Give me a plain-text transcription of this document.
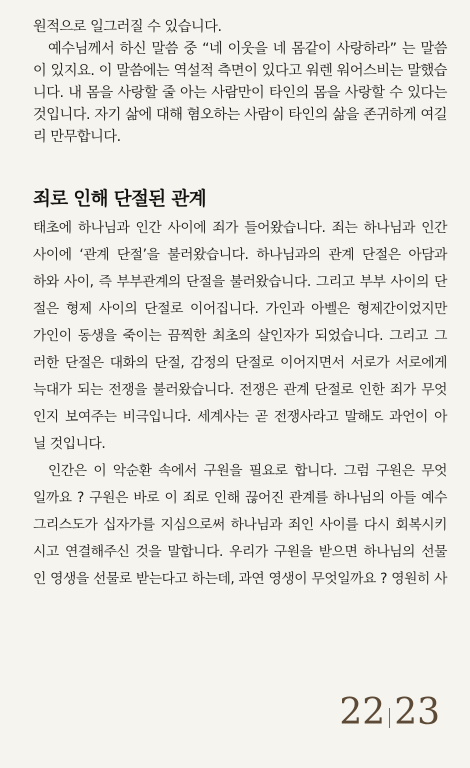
원적으로 일그러질 수 있습니다.
예수님께서 하신 말씀 중 “네 이웃을 네 몸같이 사랑하라” 는 말씀
이 있지요. 이 말씀에는 역설적 측면이 있다고 워렌 워어스비는 말했습
니다. 내 몸을 사랑할 줄 아는 사람만이 타인의 몸을 사랑할 수 있다는
것입니다. 자기 삶에 대해 혐오하는 사람이 타인의 삶을 존귀하게 여길
리 만무합니다.
죄로 인해 단절된 관계
태초에 하나님과 인간 사이에 죄가 들어왔습니다. 죄는 하나님과 인간
사이에 ‘관계 단절’을 불러왔습니다. 하나님과의 관계 단절은 아담과
하와 사이, 즉 부부관계의 단절을 불러왔습니다. 그리고 부부 사이의 단
절은 형제 사이의 단절로 이어집니다. 가인과 아벨은 형제간이었지만
가인이 동생을 죽이는 끔찍한 최초의 살인자가 되었습니다. 그리고 그
러한 단절은 대화의 단절, 감정의 단절로 이어지면서 서로가 서로에게
늑대가 되는 전쟁을 불러왔습니다. 전쟁은 관계 단절로 인한 죄가 무엇
인지 보여주는 비극입니다. 세계사는 곧 전쟁사라고 말해도 과언이 아
닐 것입니다.
인간은 이 악순환 속에서 구원을 필요로 합니다. 그럼 구원은 무엇
일까요 ? 구원은 바로 이 죄로 인해 끊어진 관계를 하나님의 아들 예수
그리스도가 십자가를 지심으로써 하나님과 죄인 사이를 다시 회복시키
시고 연결해주신 것을 말합니다. 우리가 구원을 받으면 하나님의 선물
인 영생을 선물로 받는다고 하는데, 과연 영생이 무엇일까요 ? 영원히 사
22 23
